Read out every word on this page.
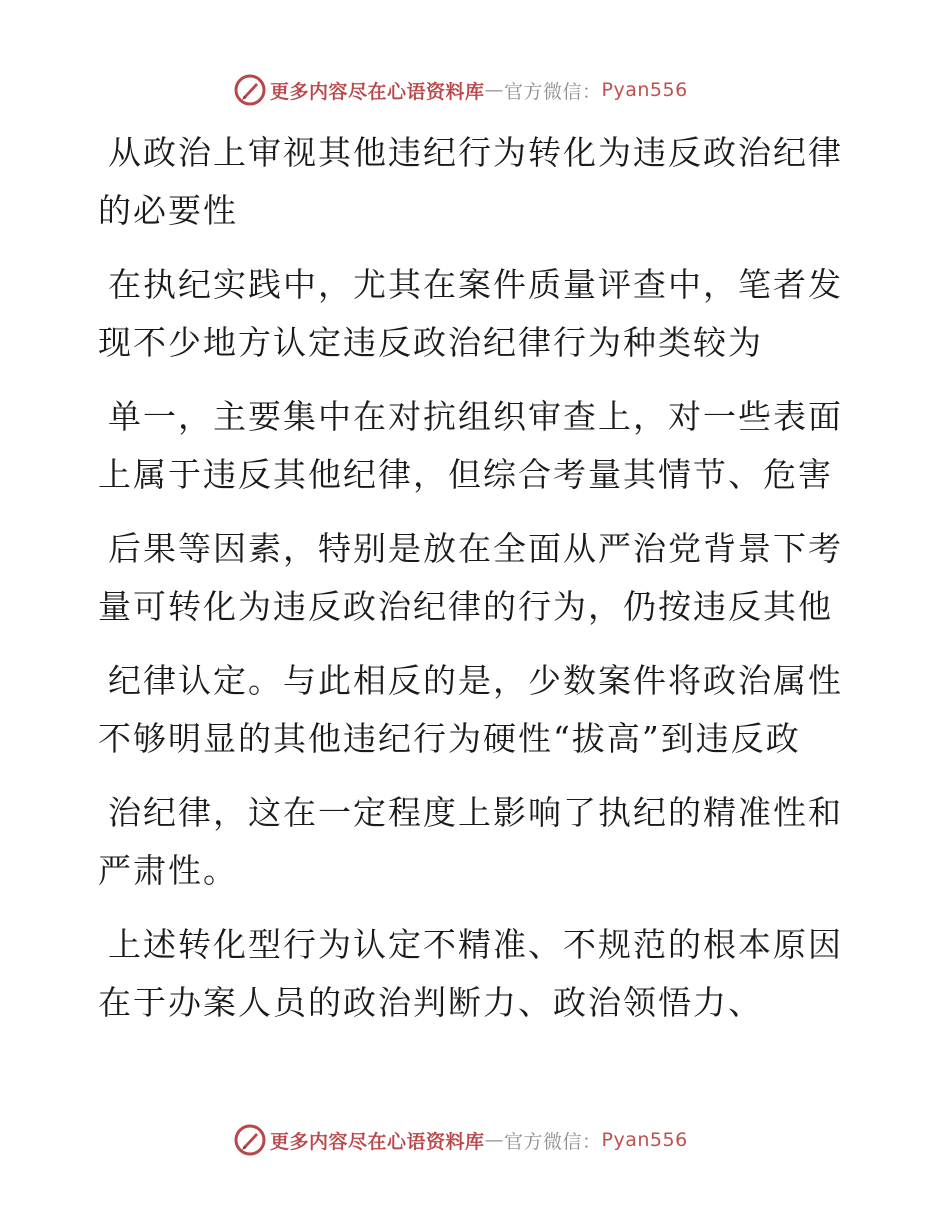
更多内容尽在心语资料库 — 官方微信： Pyan556
从政治上审视其他违纪行为转化为违反政治纪律
的必要性
在执纪实践中，尤其在案件质量评查中，笔者发
现不少地方认定违反政治纪律行为种类较为
单一，主要集中在对抗组织审查上，对一些表面
上属于违反其他纪律，但综合考量其情节、危害
后果等因素，特别是放在全面从严治党背景下考
量可转化为违反政治纪律的行为，仍按违反其他
纪律认定。与此相反的是，少数案件将政治属性
不够明显的其他违纪行为硬性“拔高”到违反政
治纪律，这在一定程度上影响了执纪的精准性和
严肃性。
上述转化型行为认定不精准、不规范的根本原因
在于办案人员的政治判断力、政治领悟力、
更多内容尽在心语资料库 — 官方微信： Pyan556
